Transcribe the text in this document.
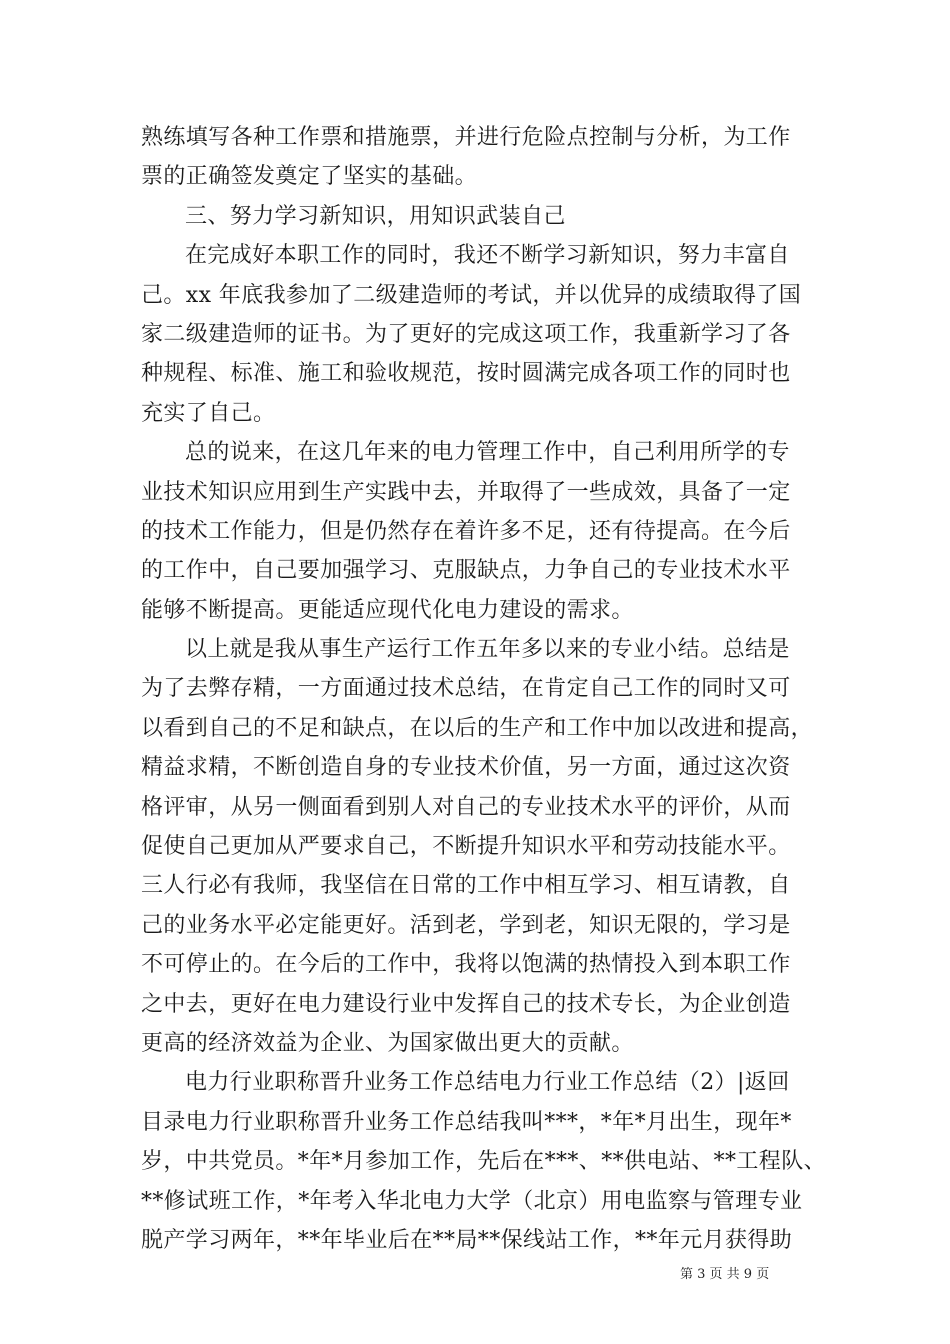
熟练填写各种工作票和措施票，并进行危险点控制与分析，为工作
票的正确签发奠定了坚实的基础。
三、努力学习新知识，用知识武装自己
在完成好本职工作的同时，我还不断学习新知识，努力丰富自
己。xx 年底我参加了二级建造师的考试，并以优异的成绩取得了国
家二级建造师的证书。为了更好的完成这项工作，我重新学习了各
种规程、标准、施工和验收规范，按时圆满完成各项工作的同时也
充实了自己。
总的说来，在这几年来的电力管理工作中，自己利用所学的专
业技术知识应用到生产实践中去，并取得了一些成效，具备了一定
的技术工作能力，但是仍然存在着许多不足，还有待提高。在今后
的工作中，自己要加强学习、克服缺点，力争自己的专业技术水平
能够不断提高。更能适应现代化电力建设的需求。
以上就是我从事生产运行工作五年多以来的专业小结。总结是
为了去弊存精，一方面通过技术总结，在肯定自己工作的同时又可
以看到自己的不足和缺点，在以后的生产和工作中加以改进和提高，
精益求精，不断创造自身的专业技术价值，另一方面，通过这次资
格评审，从另一侧面看到别人对自己的专业技术水平的评价，从而
促使自己更加从严要求自己，不断提升知识水平和劳动技能水平。
三人行必有我师，我坚信在日常的工作中相互学习、相互请教，自
己的业务水平必定能更好。活到老，学到老，知识无限的，学习是
不可停止的。在今后的工作中，我将以饱满的热情投入到本职工作
之中去，更好在电力建设行业中发挥自己的技术专长，为企业创造
更高的经济效益为企业、为国家做出更大的贡献。
电力行业职称晋升业务工作总结电力行业工作总结（2）|返回
目录电力行业职称晋升业务工作总结我叫***，*年*月出生，现年*
岁，中共党员。*年*月参加工作，先后在***、**供电站、**工程队、
**修试班工作，*年考入华北电力大学（北京）用电监察与管理专业
脱产学习两年，**年毕业后在**局**保线站工作，**年元月获得助
第 3 页 共 9 页
